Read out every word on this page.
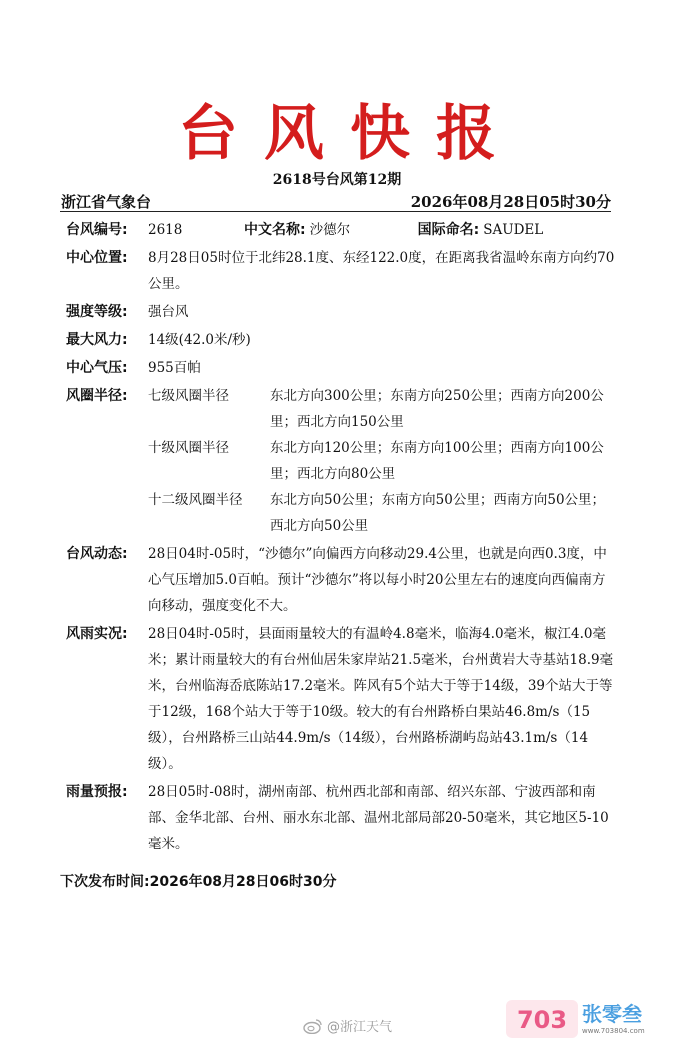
台风快报
2618号台风第12期
浙江省气象台	2026年08月28日05时30分
台风编号:	2618	中文名称: 沙德尔	国际命名: SAUDEL
中心位置:	8月28日05时位于北纬28.1度、东经122.0度，在距离我省温岭东南方向约70公里。
强度等级:	强台风
最大风力:	14级(42.0米/秒)
中心气压:	955百帕
风圈半径:	七级风圈半径	东北方向300公里；东南方向250公里；西南方向200公里；西北方向150公里
十级风圈半径	东北方向120公里；东南方向100公里；西南方向100公里；西北方向80公里
十二级风圈半径	东北方向50公里；东南方向50公里；西南方向50公里；西北方向50公里
台风动态:	28日04时-05时，“沙德尔”向偏西方向移动29.4公里，也就是向西0.3度，中心气压增加5.0百帕。预计“沙德尔”将以每小时20公里左右的速度向西偏南方向移动，强度变化不大。
风雨实况:	28日04时-05时，县面雨量较大的有温岭4.8毫米，临海4.0毫米，椒江4.0毫米；累计雨量较大的有台州仙居朱家岸站21.5毫米，台州黄岩大寺基站18.9毫米，台州临海岙底陈站17.2毫米。阵风有5个站大于等于14级，39个站大于等于12级，168个站大于等于10级。较大的有台州路桥白果站46.8m/s（15级），台州路桥三山站44.9m/s（14级），台州路桥湖屿岛站43.1m/s（14级）。
雨量预报:	28日05时-08时，湖州南部、杭州西北部和南部、绍兴东部、宁波西部和南部、金华北部、台州、丽水东北部、温州北部局部20-50毫米，其它地区5-10毫米。
下次发布时间:2026年08月28日06时30分
@浙江天气	703 张零叁
www.703804.com
